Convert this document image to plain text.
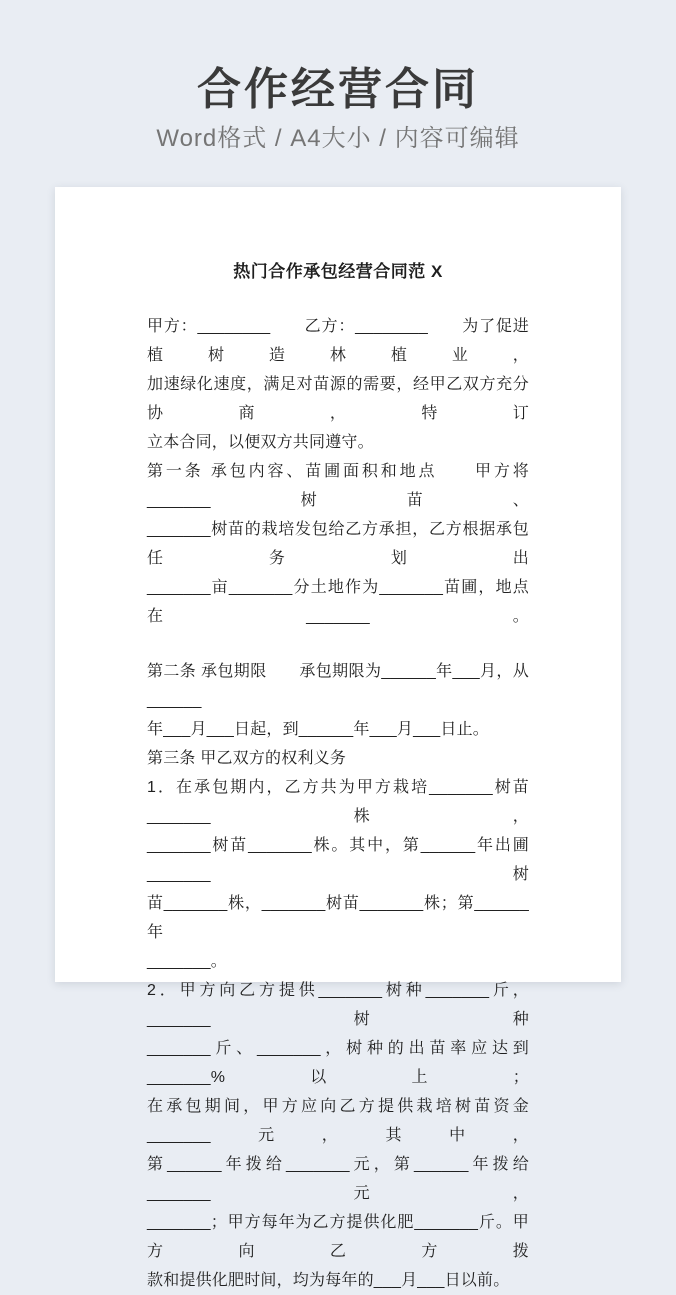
合作经营合同

Word格式 / A4大小 / 内容可编辑

热门合作承包经营合同范 X
甲方：________　　乙方：________　　为了促进植树造林植业，
加速绿化速度，满足对苗源的需要，经甲乙双方充分协商，特订
立本合同，以便双方共同遵守。
第一条 承包内容、苗圃面积和地点　　甲方将_______树苗、
_______树苗的栽培发包给乙方承担，乙方根据承包任务划出
_______亩_______分土地作为_______苗圃，地点在_______。
第二条 承包期限　　承包期限为______年___月，从______
年___月___日起，到______年___月___日止。
第三条 甲乙双方的权利义务
1．在承包期内，乙方共为甲方栽培_______树苗_______株，
_______树苗_______株。其中，第______年出圃_______树
苗_______株，_______树苗_______株；第______年
_______。
2．甲方向乙方提供_______树种_______斤，_______树种
_______斤、_______，树种的出苗率应达到_______%以上；
在承包期间，甲方应向乙方提供栽培树苗资金_______元，其中，
第______年拨给_______元，第______年拨给_______元，
_______；甲方每年为乙方提供化肥_______斤。甲方向乙方拨
款和提供化肥时间，均为每年的___月___日以前。
